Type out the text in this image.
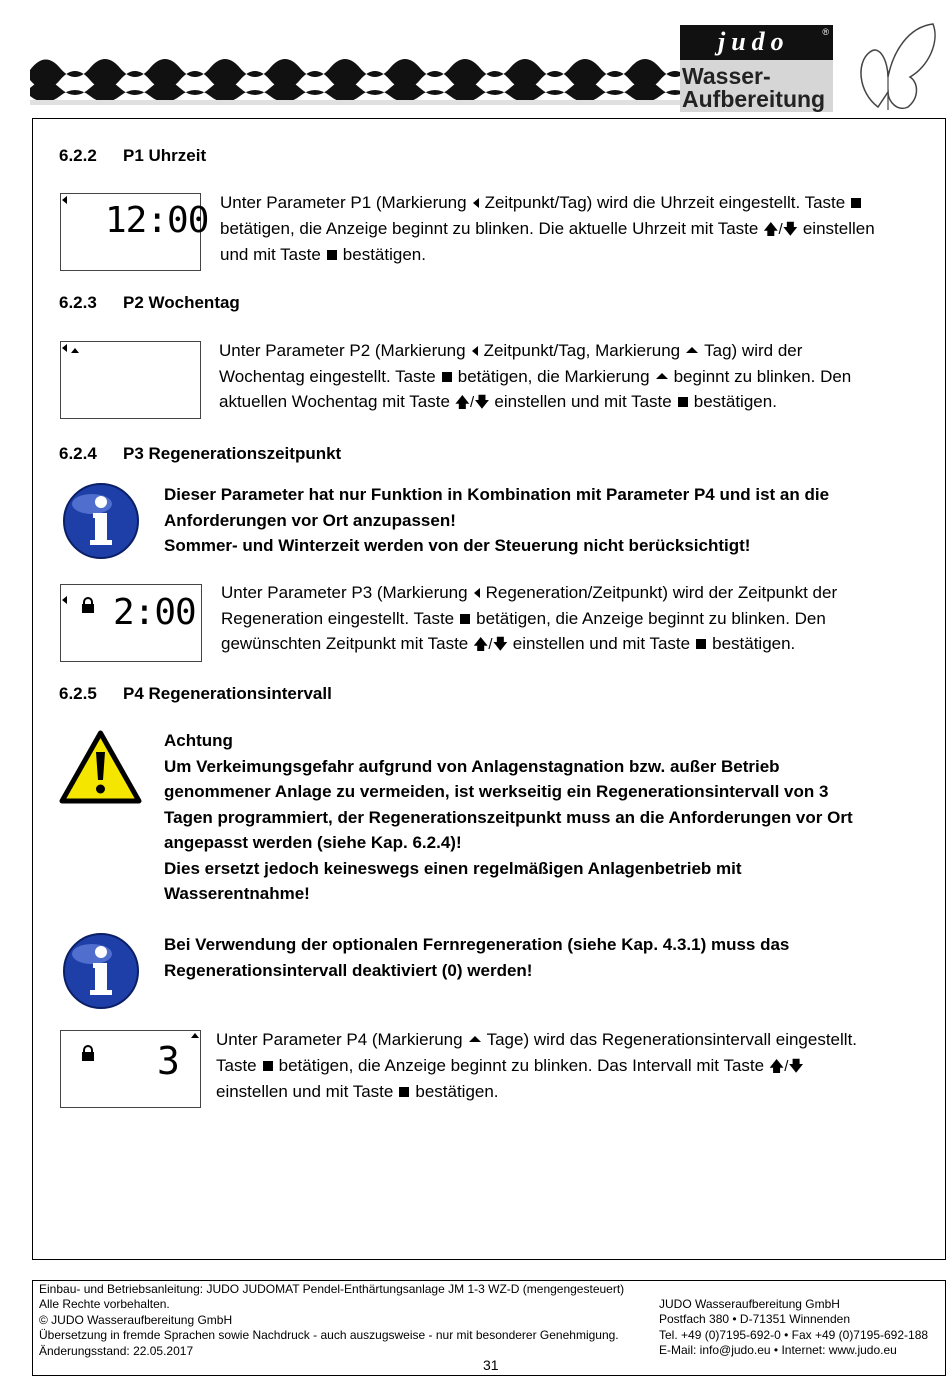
judo	®
Wasser-
Aufbereitung
6.2.2 P1 Uhrzeit
12:00 Unter Parameter P1 (Markierung Zeitpunkt/Tag) wird die Uhrzeit eingestellt. Taste
betätigen, die Anzeige beginnt zu blinken. Die aktuelle Uhrzeit mit Taste 🡅/🡇 einstellen
und mit Taste bestätigen.
6.2.3 P2 Wochentag
Unter Parameter P2 (Markierung Zeitpunkt/Tag, Markierung Tag) wird der
Wochentag eingestellt. Taste betätigen, die Markierung beginnt zu blinken. Den
aktuellen Wochentag mit Taste 🡅/🡇 einstellen und mit Taste bestätigen.
6.2.4 P3 Regenerationszeitpunkt
Dieser Parameter hat nur Funktion in Kombination mit Parameter P4 und ist an die
Anforderungen vor Ort anzupassen!
Sommer- und Winterzeit werden von der Steuerung nicht berücksichtigt!
2:00 Unter Parameter P3 (Markierung Regeneration/Zeitpunkt) wird der Zeitpunkt der
Regeneration eingestellt. Taste betätigen, die Anzeige beginnt zu blinken. Den
gewünschten Zeitpunkt mit Taste 🡅/🡇 einstellen und mit Taste bestätigen.
6.2.5 P4 Regenerationsintervall
Achtung
Um Verkeimungsgefahr aufgrund von Anlagenstagnation bzw. außer Betrieb
genommener Anlage zu vermeiden, ist werkseitig ein Regenerationsintervall von 3
Tagen programmiert, der Regenerationszeitpunkt muss an die Anforderungen vor Ort
angepasst werden (siehe Kap. 6.2.4)!
Dies ersetzt jedoch keineswegs einen regelmäßigen Anlagenbetrieb mit
Wasserentnahme!
Bei Verwendung der optionalen Fernregeneration (siehe Kap. 4.3.1) muss das
Regenerationsintervall deaktiviert (0) werden!
3 Unter Parameter P4 (Markierung Tage) wird das Regenerationsintervall eingestellt.
Taste betätigen, die Anzeige beginnt zu blinken. Das Intervall mit Taste 🡅/🡇
einstellen und mit Taste bestätigen.
Einbau- und Betriebsanleitung: JUDO JUDOMAT Pendel-Enthärtungsanlage JM 1-3 WZ-D (mengengesteuert)
Alle Rechte vorbehalten.
© JUDO Wasseraufbereitung GmbH
Übersetzung in fremde Sprachen sowie Nachdruck - auch auszugsweise - nur mit besonderer Genehmigung.
Änderungsstand: 22.05.2017
JUDO Wasseraufbereitung GmbH
Postfach 380 • D-71351 Winnenden
Tel. +49 (0)7195-692-0 • Fax +49 (0)7195-692-188
E-Mail: info@judo.eu • Internet: www.judo.eu
31
